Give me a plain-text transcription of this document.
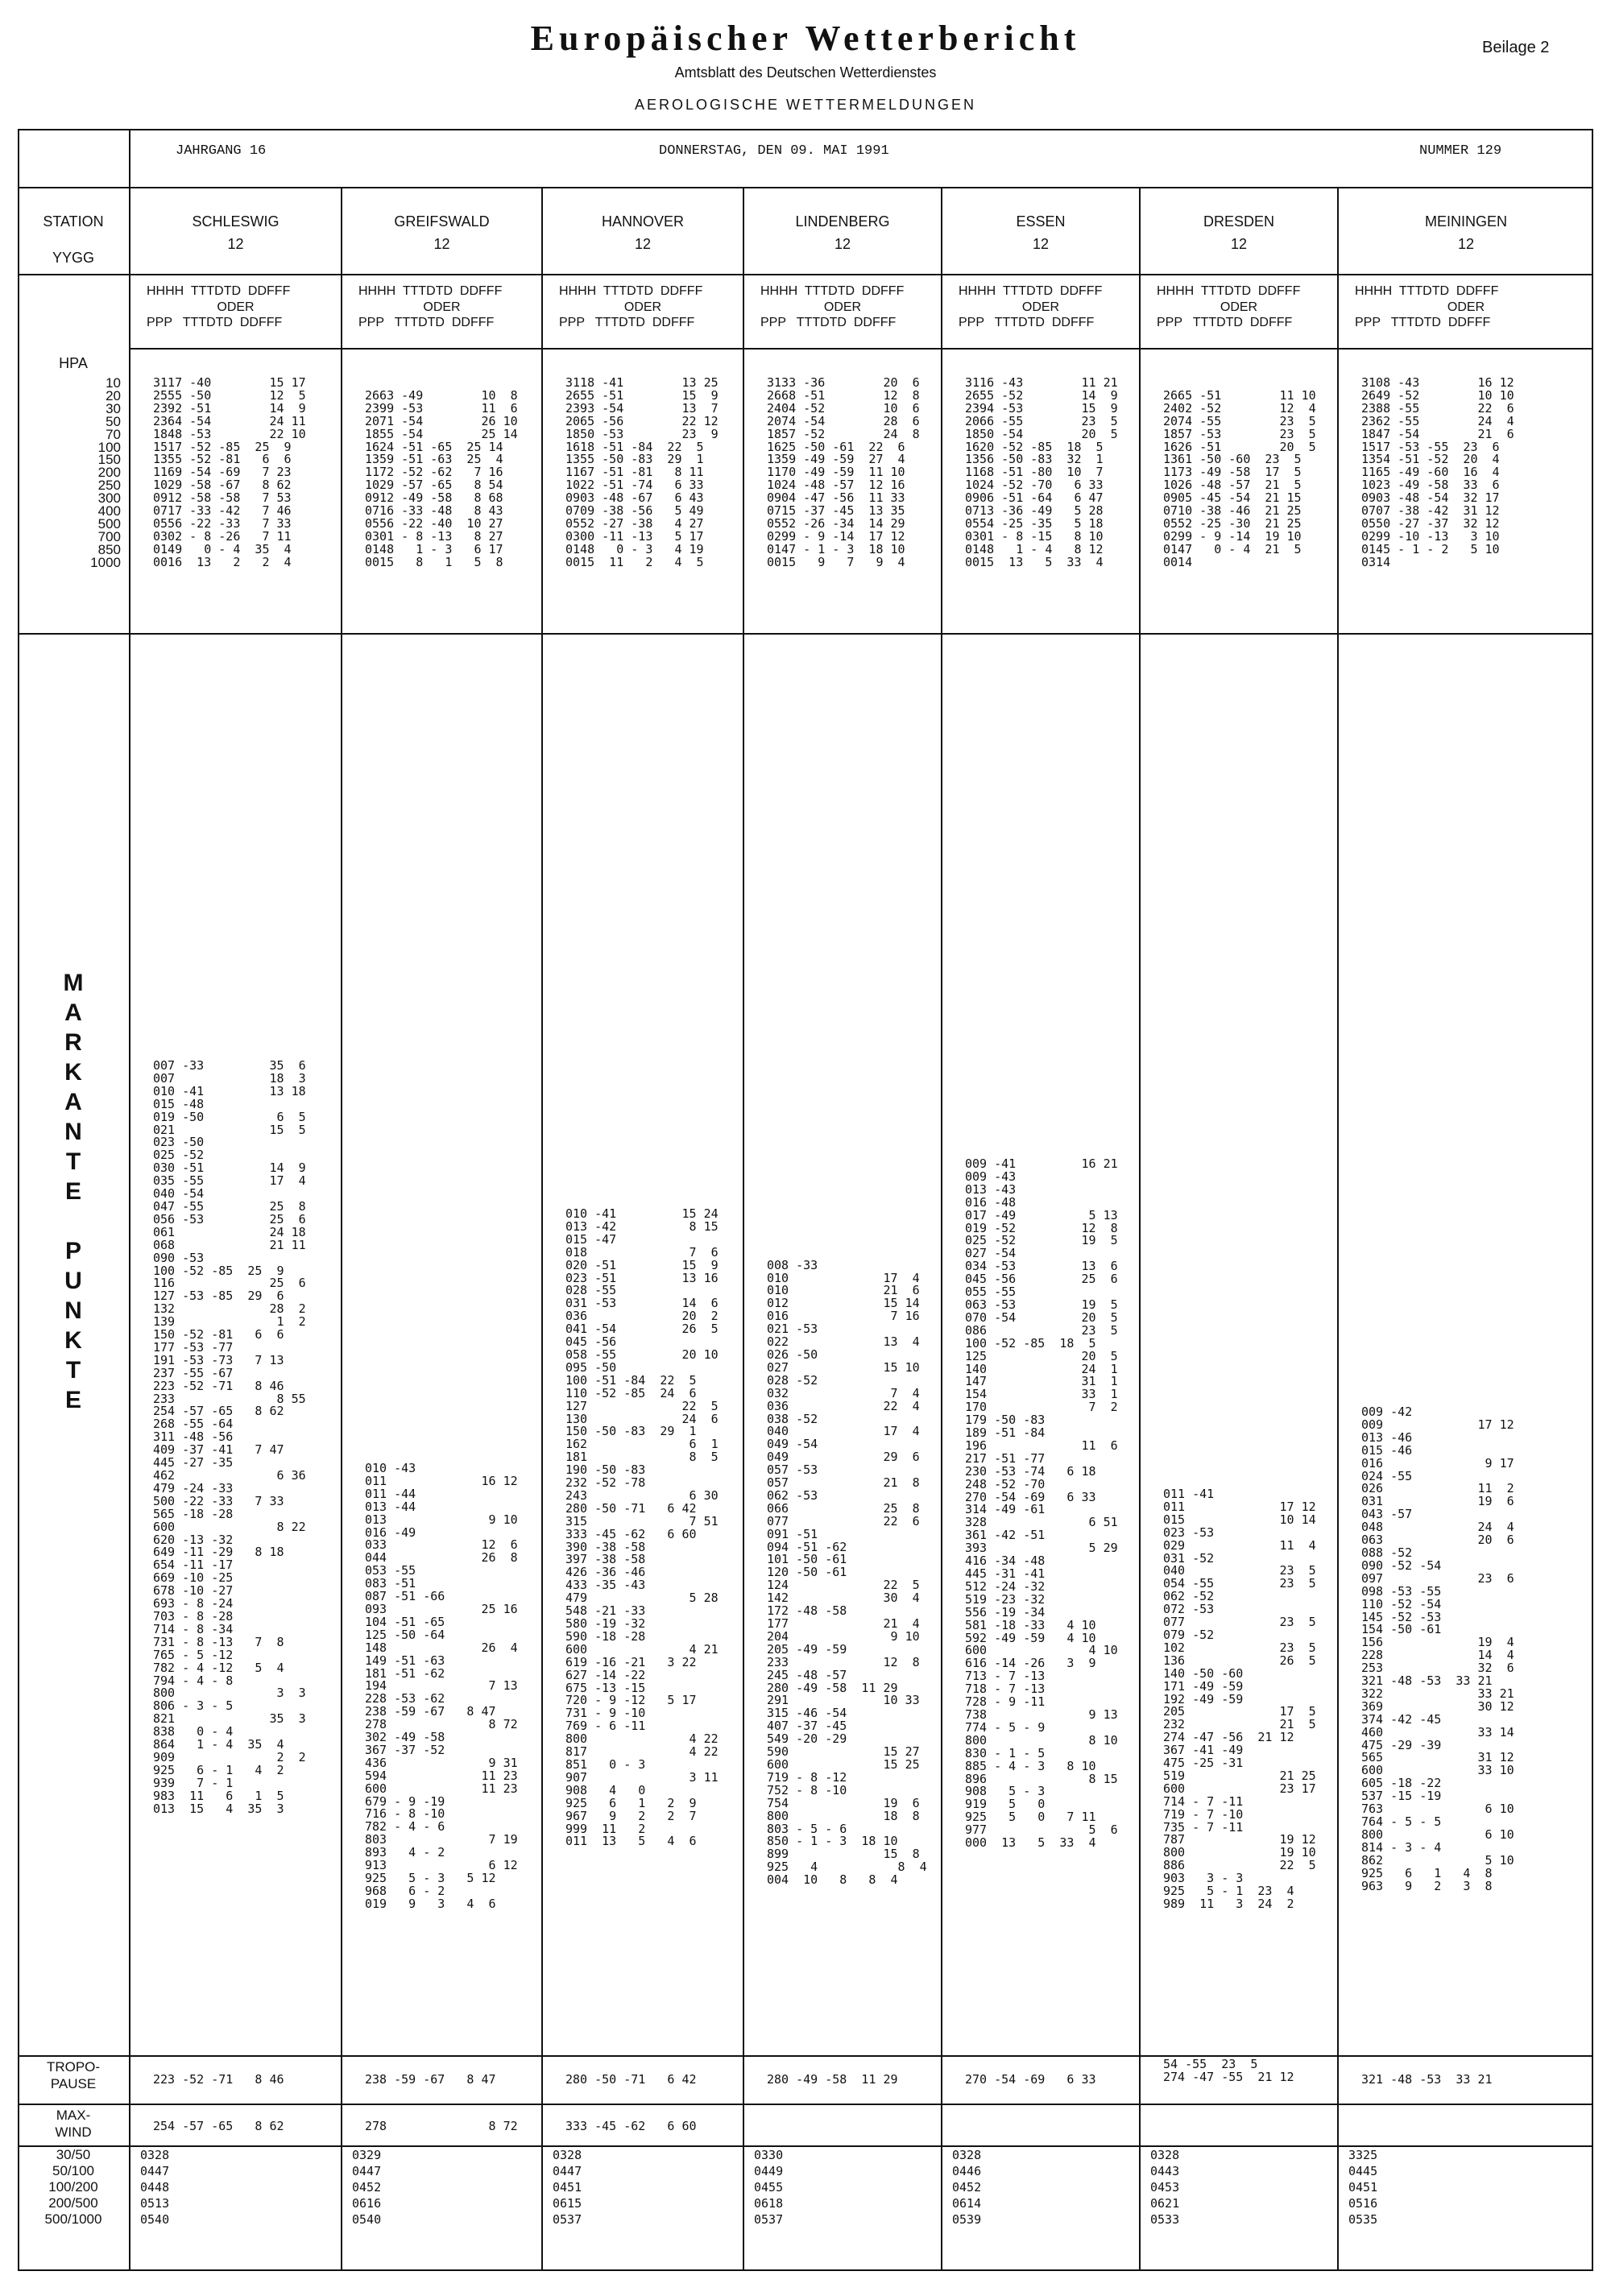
Europäischer Wetterbericht
Amtsblatt des Deutschen Wetterdienstes
AEROLOGISCHE WETTERMELDUNGEN
Beilage 2
JAHRGANG 16	DONNERSTAG, DEN 09. MAI 1991	NUMMER 129
STATION
YYGG
HPA
10
20
30
50
70
100
150
200
250
300
400
500
700
850
1000
M
A
R
K
A
N
T
E
P
U
N
K
T
E
TROPO-
PAUSE
MAX-
WIND
30/50
50/100
100/200
200/500
500/1000
SCHLESWIG
12
HHHH  TTTDTD  DDFFF
ODER
PPP   TTTDTD  DDFFF
3117 -40        15 17
2555 -50        12  5
2392 -51        14  9
2364 -54        24 11
1848 -53        22 10
1517 -52 -85  25  9
1355 -52 -81   6  6
1169 -54 -69   7 23
1029 -58 -67   8 62
0912 -58 -58   7 53
0717 -33 -42   7 46
0556 -22 -33   7 33
0302 - 8 -26   7 11
0149   0 - 4  35  4
0016  13   2   2  4
007 -33         35  6
007             18  3
010 -41         13 18
015 -48
019 -50          6  5
021             15  5
023 -50
025 -52
030 -51         14  9
035 -55         17  4
040 -54
047 -55         25  8
056 -53         25  6
061             24 18
068             21 11
090 -53
100 -52 -85  25  9
116             25  6
127 -53 -85  29  6
132             28  2
139              1  2
150 -52 -81   6  6
177 -53 -77
191 -53 -73   7 13
237 -55 -67
223 -52 -71   8 46
233              8 55
254 -57 -65   8 62
268 -55 -64
311 -48 -56
409 -37 -41   7 47
445 -27 -35
462              6 36
479 -24 -33
500 -22 -33   7 33
565 -18 -28
600              8 22
620 -13 -32
649 -11 -29   8 18
654 -11 -17
669 -10 -25
678 -10 -27
693 - 8 -24
703 - 8 -28
714 - 8 -34
731 - 8 -13   7  8
765 - 5 -12
782 - 4 -12   5  4
794 - 4 - 8
800              3  3
806 - 3 - 5
821             35  3
838   0 - 4
864   1 - 4  35  4
909              2  2
925   6 - 1   4  2
939   7 - 1
983  11   6   1  5
013  15   4  35  3
223 -52 -71   8 46
254 -57 -65   8 62
0328
0447
0448
0513
0540
GREIFSWALD
12
HHHH  TTTDTD  DDFFF
ODER
PPP   TTTDTD  DDFFF

2663 -49        10  8
2399 -53        11  6
2071 -54        26 10
1855 -54        25 14
1624 -51 -65  25 14
1359 -51 -63  25  4
1172 -52 -62   7 16
1029 -57 -65   8 54
0912 -49 -58   8 68
0716 -33 -48   8 43
0556 -22 -40  10 27
0301 - 8 -13   8 27
0148   1 - 3   6 17
0015   8   1   5  8
010 -43
011             16 12
011 -44
013 -44
013              9 10
016 -49
033             12  6
044             26  8
053 -55
083 -51
087 -51 -66
093             25 16
104 -51 -65
125 -50 -64
148             26  4
149 -51 -63
181 -51 -62
194              7 13
228 -53 -62
238 -59 -67   8 47
278              8 72
302 -49 -58
367 -37 -52
436              9 31
594             11 23
600             11 23
679 - 9 -19
716 - 8 -10
782 - 4 - 6
803              7 19
893   4 - 2
913              6 12
925   5 - 3   5 12
968   6 - 2
019   9   3   4  6
238 -59 -67   8 47
278              8 72
0329
0447
0452
0616
0540
HANNOVER
12
HHHH  TTTDTD  DDFFF
ODER
PPP   TTTDTD  DDFFF
3118 -41        13 25
2655 -51        15  9
2393 -54        13  7
2065 -56        22 12
1850 -53        23  9
1618 -51 -84  22  5
1355 -50 -83  29  1
1167 -51 -81   8 11
1022 -51 -74   6 33
0903 -48 -67   6 43
0709 -38 -56   5 49
0552 -27 -38   4 27
0300 -11 -13   5 17
0148   0 - 3   4 19
0015  11   2   4  5
010 -41         15 24
013 -42          8 15
015 -47
018              7  6
020 -51         15  9
023 -51         13 16
028 -55
031 -53         14  6
036             20  2
041 -54         26  5
045 -56
058 -55         20 10
095 -50
100 -51 -84  22  5
110 -52 -85  24  6
127             22  5
130             24  6
150 -50 -83  29  1
162              6  1
181              8  5
190 -50 -83
232 -52 -78
243              6 30
280 -50 -71   6 42
315              7 51
333 -45 -62   6 60
390 -38 -58
397 -38 -58
426 -36 -46
433 -35 -43
479              5 28
548 -21 -33
580 -19 -32
590 -18 -28
600              4 21
619 -16 -21   3 22
627 -14 -22
675 -13 -15
720 - 9 -12   5 17
731 - 9 -10
769 - 6 -11
800              4 22
817              4 22
851   0 - 3
907              3 11
908   4   0
925   6   1   2  9
967   9   2   2  7
999  11   2
011  13   5   4  6
280 -50 -71   6 42
333 -45 -62   6 60
0328
0447
0451
0615
0537
LINDENBERG
12
HHHH  TTTDTD  DDFFF
ODER
PPP   TTTDTD  DDFFF
3133 -36        20  6
2668 -51        12  8
2404 -52        10  6
2074 -54        28  6
1857 -52        24  8
1625 -50 -61  22  6
1359 -49 -59  27  4
1170 -49 -59  11 10
1024 -48 -57  12 16
0904 -47 -56  11 33
0715 -37 -45  13 35
0552 -26 -34  14 29
0299 - 9 -14  17 12
0147 - 1 - 3  18 10
0015   9   7   9  4

008 -33
010             17  4
010             21  6
012             15 14
016              7 16
021 -53
022             13  4
026 -50
027             15 10
028 -52
032              7  4
036             22  4
038 -52
040             17  4
049 -54
049             29  6
057 -53
057             21  8
062 -53
066             25  8
077             22  6
091 -51
094 -51 -62
101 -50 -61
120 -50 -61
124             22  5
142             30  4
172 -48 -58
177             21  4
204              9 10
205 -49 -59
233             12  8
245 -48 -57
280 -49 -58  11 29
291             10 33
315 -46 -54
407 -37 -45
549 -20 -29
590             15 27
600             15 25
719 - 8 -12
752 - 8 -10
754             19  6
800             18  8
803 - 5 - 6
850 - 1 - 3  18 10
899             15  8
925   4           8  4
004  10   8   8  4
280 -49 -58  11 29
0330
0449
0455
0618
0537
ESSEN
12
HHHH  TTTDTD  DDFFF
ODER
PPP   TTTDTD  DDFFF
3116 -43        11 21
2655 -52        14  9
2394 -53        15  9
2066 -55        23  5
1850 -54        20  5
1620 -52 -85  18  5
1356 -50 -83  32  1
1168 -51 -80  10  7
1024 -52 -70   6 33
0906 -51 -64   6 47
0713 -36 -49   5 28
0554 -25 -35   5 18
0301 - 8 -15   8 10
0148   1 - 4   8 12
0015  13   5  33  4
009 -41         16 21
009 -43
013 -43
016 -48
017 -49          5 13
019 -52         12  8
025 -52         19  5
027 -54
034 -53         13  6
045 -56         25  6
055 -55
063 -53         19  5
070 -54         20  5
086             23  5
100 -52 -85  18  5
125             20  5
140             24  1
147             31  1
154             33  1
170              7  2
179 -50 -83
189 -51 -84
196             11  6
217 -51 -77
230 -53 -74   6 18
248 -52 -70
270 -54 -69   6 33
314 -49 -61
328              6 51
361 -42 -51
393              5 29
416 -34 -48
445 -31 -41
512 -24 -32
519 -23 -32
556 -19 -34
581 -18 -33   4 10
592 -49 -59   4 10
600              4 10
616 -14 -26   3  9
713 - 7 -13
718 - 7 -13
728 - 9 -11
738              9 13
774 - 5 - 9
800              8 10
830 - 1 - 5
885 - 4 - 3   8 10
896              8 15
908   5 - 3
919   5   0
925   5   0   7 11
977              5  6
000  13   5  33  4
270 -54 -69   6 33
0328
0446
0452
0614
0539
DRESDEN
12
HHHH  TTTDTD  DDFFF
ODER
PPP   TTTDTD  DDFFF

2665 -51        11 10
2402 -52        12  4
2074 -55        23  5
1857 -53        23  5
1626 -51        20  5
1361 -50 -60  23  5
1173 -49 -58  17  5
1026 -48 -57  21  5
0905 -45 -54  21 15
0710 -38 -46  21 25
0552 -25 -30  21 25
0299 - 9 -14  19 10
0147   0 - 4  21  5
0014
011 -41
011             17 12
015             10 14
023 -53
029             11  4
031 -52
040             23  5
054 -55         23  5
062 -52
072 -53
077             23  5
079 -52
102             23  5
136             26  5
140 -50 -60
171 -49 -59
192 -49 -59
205             17  5
232             21  5
274 -47 -56  21 12
367 -41 -49
475 -25 -31
519             21 25
600             23 17
714 - 7 -11
719 - 7 -10
735 - 7 -11
787             19 12
800             19 10
886             22  5
903   3 - 3
925   5 - 1  23  4
989  11   3  24  2
54 -55  23  5
274 -47 -55  21 12
0328
0443
0453
0621
0533
MEININGEN
12
HHHH  TTTDTD  DDFFF
ODER
PPP   TTTDTD  DDFFF
3108 -43        16 12
2649 -52        10 10
2388 -55        22  6
2362 -55        24  4
1847 -54        21  6
1517 -53 -55  23  6
1354 -51 -52  20  4
1165 -49 -60  16  4
1023 -49 -58  33  6
0903 -48 -54  32 17
0707 -38 -42  31 12
0550 -27 -37  32 12
0299 -10 -13   3 10
0145 - 1 - 2   5 10
0314
009 -42
009             17 12
013 -46
015 -46
016              9 17
024 -55
026             11  2
031             19  6
043 -57
048             24  4
063             20  6
088 -52
090 -52 -54
097             23  6
098 -53 -55
110 -52 -54
145 -52 -53
154 -50 -61
156             19  4
228             14  4
253             32  6
321 -48 -53  33 21
322             33 21
369             30 12
374 -42 -45
460             33 14
475 -29 -39
565             31 12
600             33 10
605 -18 -22
537 -15 -19
763              6 10
764 - 5 - 5
800              6 10
814 - 3 - 4
862              5 10
925   6   1   4  8
963   9   2   3  8
321 -48 -53  33 21
3325
0445
0451
0516
0535
